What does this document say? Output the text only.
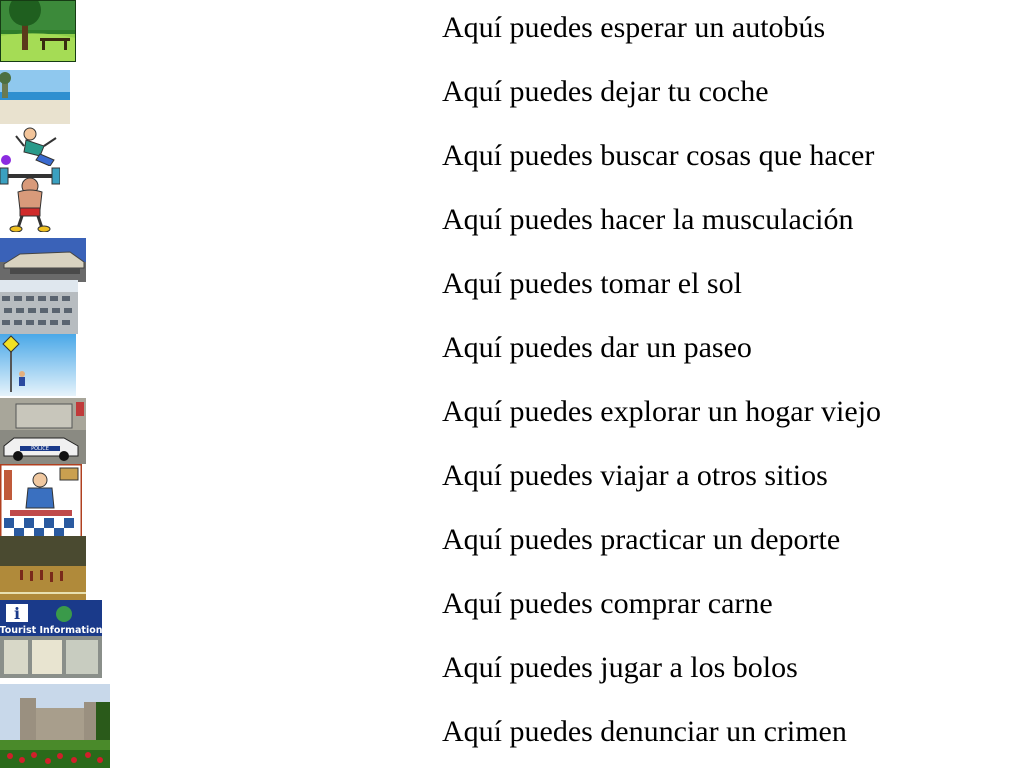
POLICE
i
Tourist Information
Aquí puedes esperar un autobús
Aquí puedes dejar tu coche
Aquí puedes buscar cosas que hacer
Aquí puedes hacer la musculación
Aquí puedes tomar el sol
Aquí puedes dar un paseo
Aquí puedes explorar un hogar viejo
Aquí puedes viajar a otros sitios
Aquí puedes practicar un deporte
Aquí puedes comprar carne
Aquí puedes jugar a los bolos
Aquí puedes denunciar un crimen
